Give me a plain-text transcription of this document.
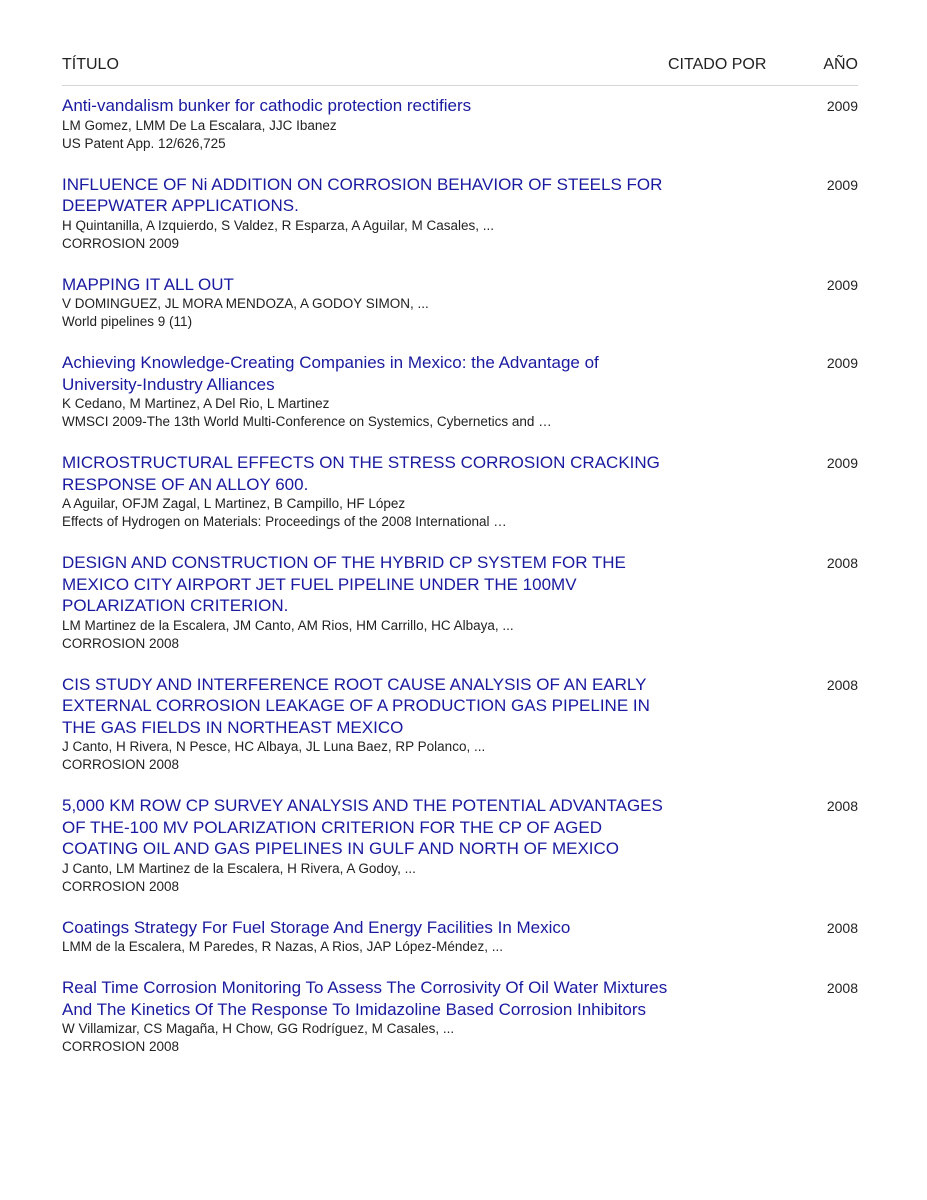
TÍTULO	CITADO POR	AÑO
Anti-vandalism bunker for cathodic protection rectifiers
LM Gomez, LMM De La Escalara, JJC Ibanez
US Patent App. 12/626,725
2009
INFLUENCE OF Ni ADDITION ON CORROSION BEHAVIOR OF STEELS FOR DEEPWATER APPLICATIONS.
H Quintanilla, A Izquierdo, S Valdez, R Esparza, A Aguilar, M Casales, ...
CORROSION 2009
2009
MAPPING IT ALL OUT
V DOMINGUEZ, JL MORA MENDOZA, A GODOY SIMON, ...
World pipelines 9 (11)
2009
Achieving Knowledge-Creating Companies in Mexico: the Advantage of University-Industry Alliances
K Cedano, M Martinez, A Del Rio, L Martinez
WMSCI 2009-The 13th World Multi-Conference on Systemics, Cybernetics and …
2009
MICROSTRUCTURAL EFFECTS ON THE STRESS CORROSION CRACKING RESPONSE OF AN ALLOY 600.
A Aguilar, OFJM Zagal, L Martinez, B Campillo, HF López
Effects of Hydrogen on Materials: Proceedings of the 2008 International …
2009
DESIGN AND CONSTRUCTION OF THE HYBRID CP SYSTEM FOR THE MEXICO CITY AIRPORT JET FUEL PIPELINE UNDER THE 100MV POLARIZATION CRITERION.
LM Martinez de la Escalera, JM Canto, AM Rios, HM Carrillo, HC Albaya, ...
CORROSION 2008
2008
CIS STUDY AND INTERFERENCE ROOT CAUSE ANALYSIS OF AN EARLY EXTERNAL CORROSION LEAKAGE OF A PRODUCTION GAS PIPELINE IN THE GAS FIELDS IN NORTHEAST MEXICO
J Canto, H Rivera, N Pesce, HC Albaya, JL Luna Baez, RP Polanco, ...
CORROSION 2008
2008
5,000 KM ROW CP SURVEY ANALYSIS AND THE POTENTIAL ADVANTAGES OF THE-100 MV POLARIZATION CRITERION FOR THE CP OF AGED COATING OIL AND GAS PIPELINES IN GULF AND NORTH OF MEXICO
J Canto, LM Martinez de la Escalera, H Rivera, A Godoy, ...
CORROSION 2008
2008
Coatings Strategy For Fuel Storage And Energy Facilities In Mexico
LMM de la Escalera, M Paredes, R Nazas, A Rios, JAP López-Méndez, ...
2008
Real Time Corrosion Monitoring To Assess The Corrosivity Of Oil Water Mixtures And The Kinetics Of The Response To Imidazoline Based Corrosion Inhibitors
W Villamizar, CS Magaña, H Chow, GG Rodríguez, M Casales, ...
CORROSION 2008
2008
